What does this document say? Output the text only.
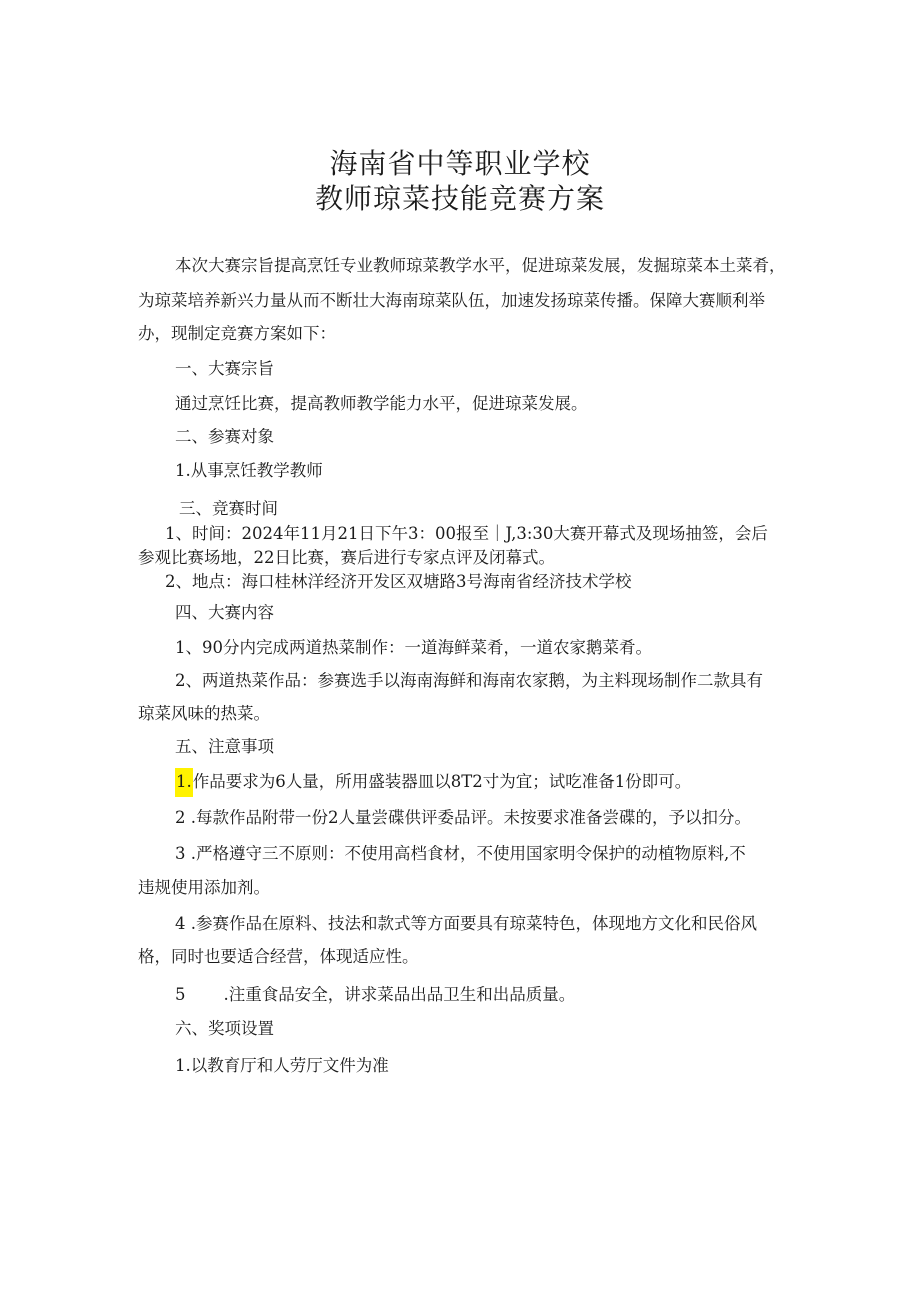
海南省中等职业学校
教师琼菜技能竞赛方案
本次大赛宗旨提高烹饪专业教师琼菜教学水平，促进琼菜发展，发掘琼菜本土菜肴，
为琼菜培养新兴力量从而不断壮大海南琼菜队伍，加速发扬琼菜传播。保障大赛顺利举
办，现制定竞赛方案如下：
一、大赛宗旨
通过烹饪比赛，提高教师教学能力水平，促进琼菜发展。
二、参赛对象
1.从事烹饪教学教师
三、竞赛时间
1、时间：2024年11月21日下午3：00报至｜J,3:30大赛开幕式及现场抽签，会后
参观比赛场地，22日比赛，赛后进行专家点评及闭幕式。
2、地点：海口桂林洋经济开发区双塘路3号海南省经济技术学校
四、大赛内容
1、90分内完成两道热菜制作：一道海鲜菜肴，一道农家鹅菜肴。
2、两道热菜作品：参赛选手以海南海鲜和海南农家鹅，为主料现场制作二款具有
琼菜风味的热菜。
五、注意事项
1.作品要求为6人量，所用盛装器皿以8T2寸为宜；试吃准备1份即可。
2 .每款作品附带一份2人量尝碟供评委品评。未按要求准备尝碟的，予以扣分。
3 .严格遵守三不原则：不使用高档食材，不使用国家明令保护的动植物原料,不
违规使用添加剂。
4 .参赛作品在原料、技法和款式等方面要具有琼菜特色，体现地方文化和民俗风
格，同时也要适合经营，体现适应性。
5 .注重食品安全，讲求菜品出品卫生和出品质量。
六、奖项设置
1.以教育厅和人劳厅文件为准
